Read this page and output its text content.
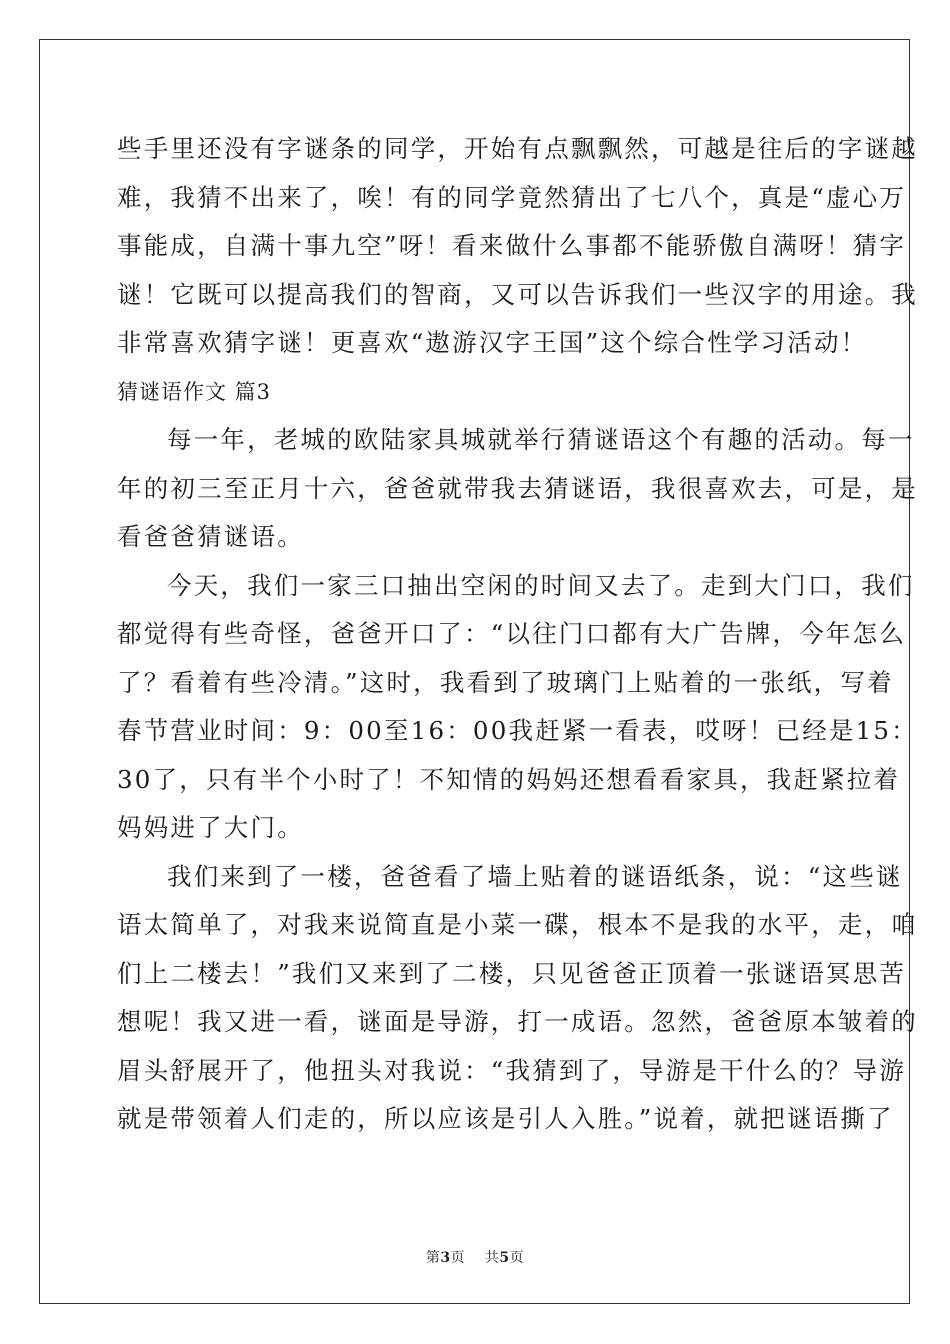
些手里还没有字谜条的同学，开始有点飘飘然，可越是往后的字谜越
难，我猜不出来了，唉！有的同学竟然猜出了七八个，真是“虚心万
事能成，自满十事九空”呀！看来做什么事都不能骄傲自满呀！猜字
谜！它既可以提高我们的智商，又可以告诉我们一些汉字的用途。我
非常喜欢猜字谜！更喜欢“遨游汉字王国”这个综合性学习活动！
猜谜语作文 篇3
每一年，老城的欧陆家具城就举行猜谜语这个有趣的活动。每一
年的初三至正月十六，爸爸就带我去猜谜语，我很喜欢去，可是，是
看爸爸猜谜语。
今天，我们一家三口抽出空闲的时间又去了。走到大门口，我们
都觉得有些奇怪，爸爸开口了：“以往门口都有大广告牌，今年怎么
了？看着有些冷清。”这时，我看到了玻璃门上贴着的一张纸，写着
春节营业时间：9：00至16：00我赶紧一看表，哎呀！已经是15：
30了，只有半个小时了！不知情的妈妈还想看看家具，我赶紧拉着
妈妈进了大门。
我们来到了一楼，爸爸看了墙上贴着的谜语纸条，说：“这些谜
语太简单了，对我来说简直是小菜一碟，根本不是我的水平，走，咱
们上二楼去！”我们又来到了二楼，只见爸爸正顶着一张谜语冥思苦
想呢！我又进一看，谜面是导游，打一成语。忽然，爸爸原本皱着的
眉头舒展开了，他扭头对我说：“我猜到了，导游是干什么的？导游
就是带领着人们走的，所以应该是引人入胜。”说着，就把谜语撕了
第3页 共5页
